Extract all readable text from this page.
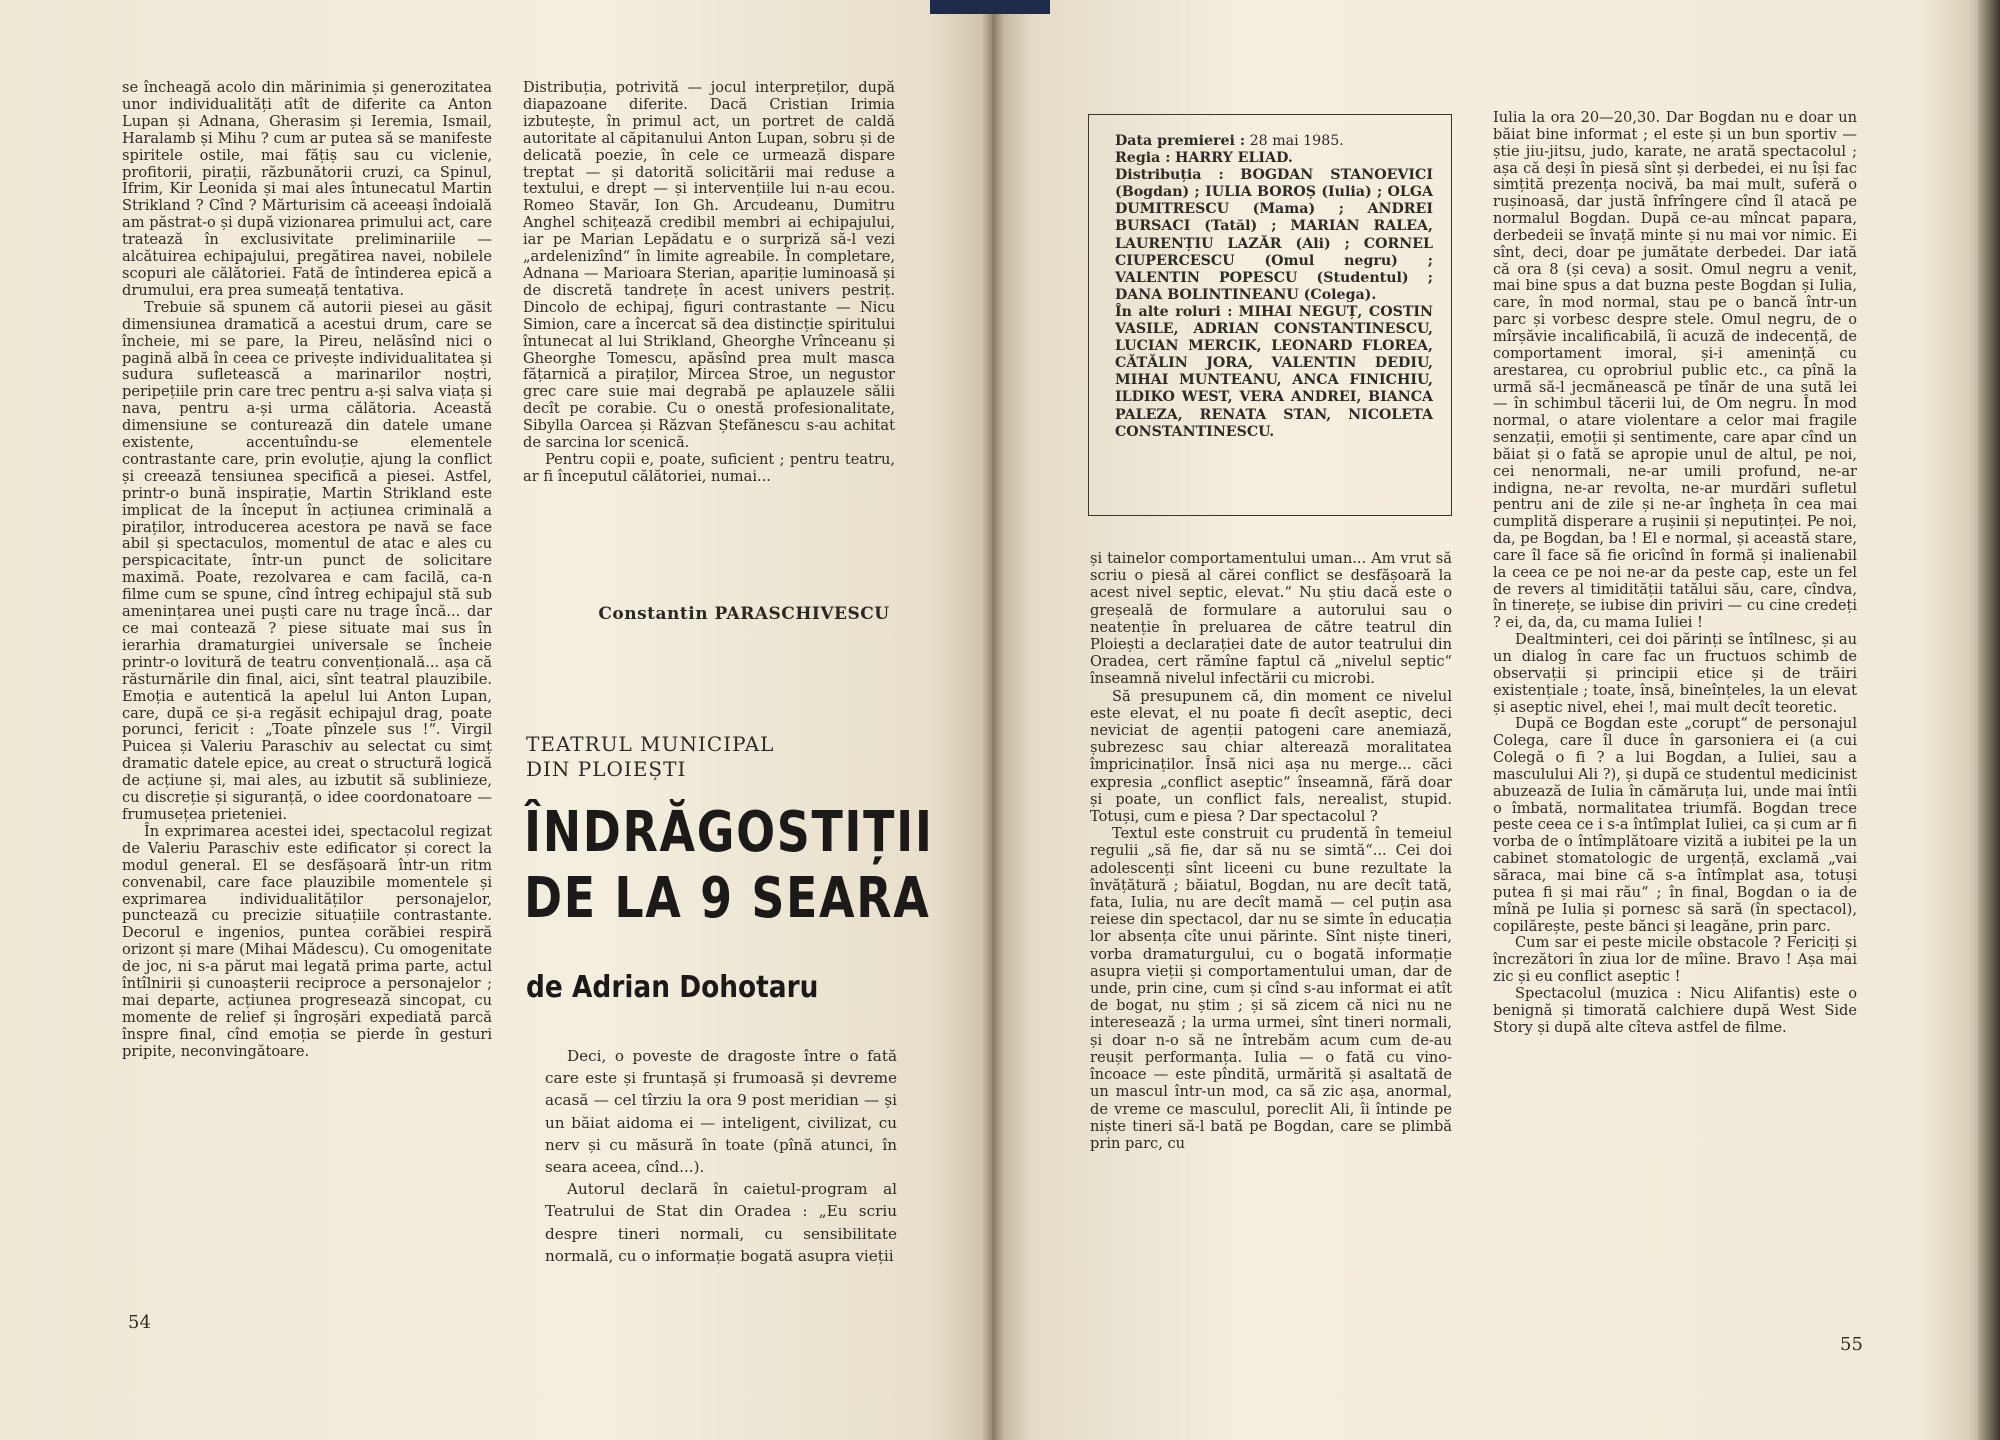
se încheagă acolo din mărinimia și generozitatea unor individualități atît de diferite ca Anton Lupan și Adnana, Gherasim și Ieremia, Ismail, Haralamb și Mihu ? cum ar putea să se manifeste spiritele ostile, mai fățiș sau cu viclenie, profitorii, pirații, răzbunătorii cruzi, ca Spinul, Ifrim, Kir Leonida și mai ales întunecatul Martin Strikland ? Cînd ? Mărturisim că aceeași îndoială am păstrat-o și după vizionarea primului act, care tratează în exclusivitate preliminariile — alcătuirea echipajului, pregătirea navei, nobilele scopuri ale călătoriei. Fată de întinderea epică a drumului, era prea sumeață tentativa.

Trebuie să spunem că autorii piesei au găsit dimensiunea dramatică a acestui drum, care se încheie, mi se pare, la Pireu, nelăsînd nici o pagină albă în ceea ce privește individualitatea și sudura sufletească a marinarilor noștri, peripețiile prin care trec pentru a-și salva viața și nava, pentru a-și urma călătoria. Această dimensiune se conturează din datele umane existente, accentuîndu-se elementele contrastante care, prin evoluție, ajung la conflict și creează tensiunea specifică a piesei. Astfel, printr-o bună inspirație, Martin Strikland este implicat de la început în acțiunea criminală a piraților, introducerea acestora pe navă se face abil și spectaculos, momentul de atac e ales cu perspicacitate, într-un punct de solicitare maximă. Poate, rezolvarea e cam facilă, ca-n filme cum se spune, cînd întreg echipajul stă sub amenințarea unei puști care nu trage încă... dar ce mai contează ? piese situate mai sus în ierarhia dramaturgiei universale se încheie printr-o lovitură de teatru convențională... așa că răsturnările din final, aici, sînt teatral plauzibile. Emoția e autentică la apelul lui Anton Lupan, care, după ce și-a regăsit echipajul drag, poate porunci, fericit : „Toate pînzele sus !“. Virgil Puicea și Valeriu Paraschiv au selectat cu simț dramatic datele epice, au creat o structură logică de acțiune și, mai ales, au izbutit să sublinieze, cu discreție și siguranță, o idee coordonatoare — frumusețea prieteniei.

În exprimarea acestei idei, spectacolul regizat de Valeriu Paraschiv este edificator și corect la modul general. El se desfășoară într-un ritm convenabil, care face plauzibile momentele și exprimarea individualităților personajelor, punctează cu precizie situațiile contrastante. Decorul e ingenios, puntea corăbiei respiră orizont și mare (Mihai Mădescu). Cu omogenitate de joc, ni s-a părut mai legată prima parte, actul întîlnirii și cunoașterii reciproce a personajelor ; mai departe, acțiunea progresează sincopat, cu momente de relief și îngroșări expediată parcă înspre final, cînd emoția se pierde în gesturi pripite, neconvingătoare.

Distribuția, potrivită — jocul interpreților, după diapazoane diferite. Dacă Cristian Irimia izbutește, în primul act, un portret de caldă autoritate al căpitanului Anton Lupan, sobru și de delicată poezie, în cele ce urmează dispare treptat — și datorită solicitării mai reduse a textului, e drept — și intervențiile lui n-au ecou. Romeo Stavăr, Ion Gh. Arcudeanu, Dumitru Anghel schițează credibil membri ai echipajului, iar pe Marian Lepădatu e o surpriză să-l vezi „ardelenizînd“ în limite agreabile. În completare, Adnana — Marioara Sterian, apariție luminoasă și de discretă tandrețe în acest univers pestriț. Dincolo de echipaj, figuri contrastante — Nicu Simion, care a încercat să dea distincție spiritului întunecat al lui Strikland, Gheorghe Vrînceanu și Gheorghe Tomescu, apăsînd prea mult masca fățarnică a piraților, Mircea Stroe, un negustor grec care suie mai degrabă pe aplauzele sălii decît pe corabie. Cu o onestă profesionalitate, Sibylla Oarcea și Răzvan Ștefănescu s-au achitat de sarcina lor scenică.

Pentru copii e, poate, suficient ; pentru teatru, ar fi începutul călătoriei, numai...

Constantin PARASCHIVESCU
TEATRUL MUNICIPAL
DIN PLOIEȘTI
ÎNDRĂGOSTIȚII
DE LA 9 SEARA
de Adrian Dohotaru

Deci, o poveste de dragoste între o fată care este și fruntașă și frumoasă și devreme acasă — cel tîrziu la ora 9 post meridian — și un băiat aidoma ei — inteligent, civilizat, cu nerv și cu măsură în toate (pînă atunci, în seara aceea, cînd...).

Autorul declară în caietul-program al Teatrului de Stat din Oradea : „Eu scriu despre tineri normali, cu sensibilitate normală, cu o informație bogată asupra vieții

54

Data premierei : 28 mai 1985.

Regia : HARRY ELIAD.

Distribuția : BOGDAN STANOEVICI (Bogdan) ; IULIA BOROȘ (Iulia) ; OLGA DUMITRESCU (Mama) ; ANDREI BURSACI (Tatăl) ; MARIAN RALEA, LAURENȚIU LAZĂR (Ali) ; CORNEL CIUPERCESCU (Omul negru) ; VALENTIN POPESCU (Studentul) ; DANA BOLINTINEANU (Colega).

În alte roluri : MIHAI NEGUȚ, COSTIN VASILE, ADRIAN CONSTANTINESCU, LUCIAN MERCIK, LEONARD FLOREA, CĂTĂLIN JORA, VALENTIN DEDIU, MIHAI MUNTEANU, ANCA FINICHIU, ILDIKO WEST, VERA ANDREI, BIANCA PALEZA, RENATA STAN, NICOLETA CONSTANTINESCU.

și tainelor comportamentului uman... Am vrut să scriu o piesă al cărei conflict se desfășoară la acest nivel septic, elevat.“ Nu știu dacă este o greșeală de formulare a autorului sau o neatenție în preluarea de către teatrul din Ploiești a declarației date de autor teatrului din Oradea, cert rămîne faptul că „nivelul septic“ înseamnă nivelul infectării cu microbi.

Să presupunem că, din moment ce nivelul este elevat, el nu poate fi decît aseptic, deci neviciat de agenții patogeni care anemiază, șubrezesc sau chiar alterează moralitatea împricinaților. Însă nici așa nu merge... căci expresia „conflict aseptic“ înseamnă, fără doar și poate, un conflict fals, nerealist, stupid. Totuși, cum e piesa ? Dar spectacolul ?

Textul este construit cu prudentă în temeiul regulii „să fie, dar să nu se simtă“... Cei doi adolescenți sînt liceeni cu bune rezultate la învățătură ; băiatul, Bogdan, nu are decît tată, fata, Iulia, nu are decît mamă — cel puțin asa reiese din spectacol, dar nu se simte în educația lor absența cîte unui părinte. Sînt niște tineri, vorba dramaturgului, cu o bogată informație asupra vieții și comportamentului uman, dar de unde, prin cine, cum și cînd s-au informat ei atît de bogat, nu știm ; și să zicem că nici nu ne interesează ; la urma urmei, sînt tineri normali, și doar n-o să ne întrebăm acum cum de-au reușit performanța. Iulia — o fată cu vino-încoace — este pîndită, urmărită și asaltată de un mascul într-un mod, ca să zic așa, anormal, de vreme ce masculul, poreclit Ali, îi întinde pe niște tineri să-l bată pe Bogdan, care se plimbă prin parc, cu

Iulia la ora 20—20,30. Dar Bogdan nu e doar un băiat bine informat ; el este și un bun sportiv — știe jiu-jitsu, judo, karate, ne arată spectacolul ; așa că deși în piesă sînt și derbedei, ei nu își fac simțită prezența nocivă, ba mai mult, suferă o rușinoasă, dar justă înfrîngere cînd îl atacă pe normalul Bogdan. După ce-au mîncat papara, derbedeii se învață minte și nu mai vor nimic. Ei sînt, deci, doar pe jumătate derbedei. Dar iată că ora 8 (și ceva) a sosit. Omul negru a venit, mai bine spus a dat buzna peste Bogdan și Iulia, care, în mod normal, stau pe o bancă într-un parc și vorbesc despre stele. Omul negru, de o mîrșăvie incalificabilă, îi acuză de indecență, de comportament imoral, și-i amenință cu arestarea, cu oprobriul public etc., ca pînă la urmă să-l jecmănească pe tînăr de una sută lei — în schimbul tăcerii lui, de Om negru. În mod normal, o atare violentare a celor mai fragile senzații, emoții și sentimente, care apar cînd un băiat și o fată se apropie unul de altul, pe noi, cei nenormali, ne-ar umili profund, ne-ar indigna, ne-ar revolta, ne-ar murdări sufletul pentru ani de zile și ne-ar îngheța în cea mai cumplită disperare a rușinii și neputinței. Pe noi, da, pe Bogdan, ba ! El e normal, și această stare, care îl face să fie oricînd în formă și inalienabil la ceea ce pe noi ne-ar da peste cap, este un fel de revers al timidității tatălui său, care, cîndva, în tinerețe, se iubise din priviri — cu cine credeți ? ei, da, da, cu mama Iuliei !

Dealtminteri, cei doi părinți se întîlnesc, și au un dialog în care fac un fructuos schimb de observații și principii etice și de trăiri existențiale ; toate, însă, bineînțeles, la un elevat și aseptic nivel, ehei !, mai mult decît teoretic.

După ce Bogdan este „corupt“ de personajul Colega, care îl duce în garsoniera ei (a cui Colegă o fi ? a lui Bogdan, a Iuliei, sau a masculului Ali ?), și după ce studentul medicinist abuzează de Iulia în cămăruța lui, unde mai întîi o îmbată, normalitatea triumfă. Bogdan trece peste ceea ce i s-a întîmplat Iuliei, ca și cum ar fi vorba de o întîmplătoare vizită a iubitei pe la un cabinet stomatologic de urgență, exclamă „vai săraca, mai bine că s-a întîmplat asa, totuși putea fi și mai rău“ ; în final, Bogdan o ia de mînă pe Iulia și pornesc să sară (în spectacol), copilărește, peste bănci și leagăne, prin parc.

Cum sar ei peste micile obstacole ? Fericiți și încrezători în ziua lor de mîine. Bravo ! Așa mai zic și eu conflict aseptic !

Spectacolul (muzica : Nicu Alifantis) este o benignă și timorată calchiere după West Side Story și după alte cîteva astfel de filme.

55
